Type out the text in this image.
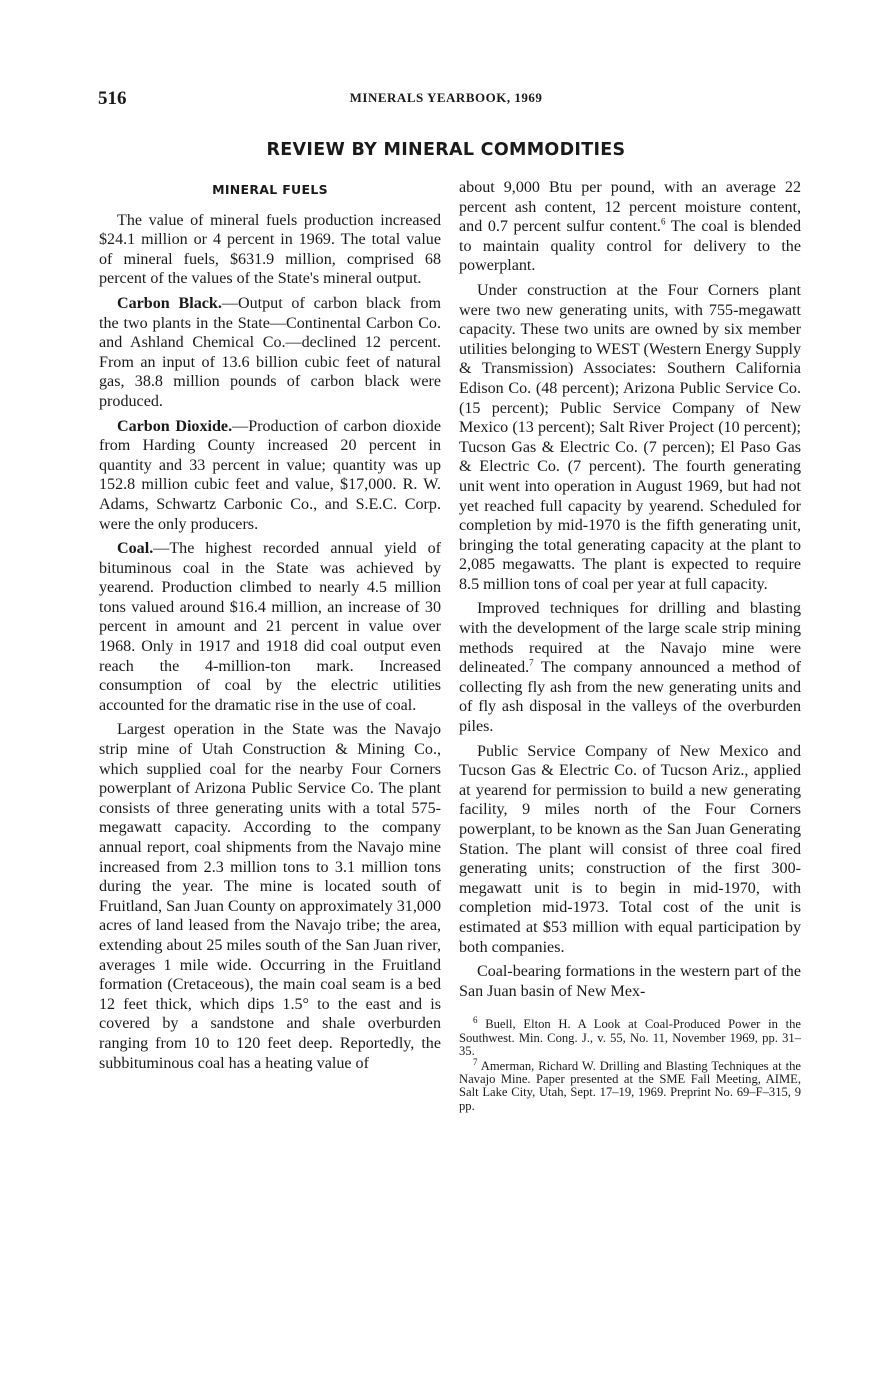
516	MINERALS YEARBOOK, 1969
REVIEW BY MINERAL COMMODITIES
MINERAL FUELS

The value of mineral fuels production increased $24.1 million or 4 percent in 1969. The total value of mineral fuels, $631.9 million, comprised 68 percent of the values of the State's mineral output.

Carbon Black.—Output of carbon black from the two plants in the State—Continental Carbon Co. and Ashland Chemical Co.—declined 12 percent. From an input of 13.6 billion cubic feet of natural gas, 38.8 million pounds of carbon black were produced.

Carbon Dioxide.—Production of carbon dioxide from Harding County increased 20 percent in quantity and 33 percent in value; quantity was up 152.8 million cubic feet and value, $17,000. R. W. Adams, Schwartz Carbonic Co., and S.E.C. Corp. were the only producers.

Coal.—The highest recorded annual yield of bituminous coal in the State was achieved by yearend. Production climbed to nearly 4.5 million tons valued around $16.4 million, an increase of 30 percent in amount and 21 percent in value over 1968. Only in 1917 and 1918 did coal output even reach the 4-million-ton mark. Increased consumption of coal by the electric utilities accounted for the dramatic rise in the use of coal.

Largest operation in the State was the Navajo strip mine of Utah Construction & Mining Co., which supplied coal for the nearby Four Corners powerplant of Arizona Public Service Co. The plant consists of three generating units with a total 575-megawatt capacity. According to the company annual report, coal shipments from the Navajo mine increased from 2.3 million tons to 3.1 million tons during the year. The mine is located south of Fruitland, San Juan County on approximately 31,000 acres of land leased from the Navajo tribe; the area, extending about 25 miles south of the San Juan river, averages 1 mile wide. Occurring in the Fruitland formation (Cretaceous), the main coal seam is a bed 12 feet thick, which dips 1.5° to the east and is covered by a sandstone and shale overburden ranging from 10 to 120 feet deep. Reportedly, the subbituminous coal has a heating value of

about 9,000 Btu per pound, with an average 22 percent ash content, 12 percent moisture content, and 0.7 percent sulfur content.$^6$ The coal is blended to maintain quality control for delivery to the powerplant.

Under construction at the Four Corners plant were two new generating units, with 755-megawatt capacity. These two units are owned by six member utilities belonging to WEST (Western Energy Supply & Transmission) Associates: Southern California Edison Co. (48 percent); Arizona Public Service Co. (15 percent); Public Service Company of New Mexico (13 percent); Salt River Project (10 percent); Tucson Gas & Electric Co. (7 percen); El Paso Gas & Electric Co. (7 percent). The fourth generating unit went into operation in August 1969, but had not yet reached full capacity by yearend. Scheduled for completion by mid-1970 is the fifth generating unit, bringing the total generating capacity at the plant to 2,085 megawatts. The plant is expected to require 8.5 million tons of coal per year at full capacity.

Improved techniques for drilling and blasting with the development of the large scale strip mining methods required at the Navajo mine were delineated.$^7$ The company announced a method of collecting fly ash from the new generating units and of fly ash disposal in the valleys of the overburden piles.

Public Service Company of New Mexico and Tucson Gas & Electric Co. of Tucson Ariz., applied at yearend for permission to build a new generating facility, 9 miles north of the Four Corners powerplant, to be known as the San Juan Generating Station. The plant will consist of three coal fired generating units; construction of the first 300-megawatt unit is to begin in mid-1970, with completion mid-1973. Total cost of the unit is estimated at $53 million with equal participation by both companies.

Coal-bearing formations in the western part of the San Juan basin of New Mex-

$^6$ Buell, Elton H. A Look at Coal-Produced Power in the Southwest. Min. Cong. J., v. 55, No. 11, November 1969, pp. 31–35.

$^7$ Amerman, Richard W. Drilling and Blasting Techniques at the Navajo Mine. Paper presented at the SME Fall Meeting, AIME, Salt Lake City, Utah, Sept. 17–19, 1969. Preprint No. 69–F–315, 9 pp.
